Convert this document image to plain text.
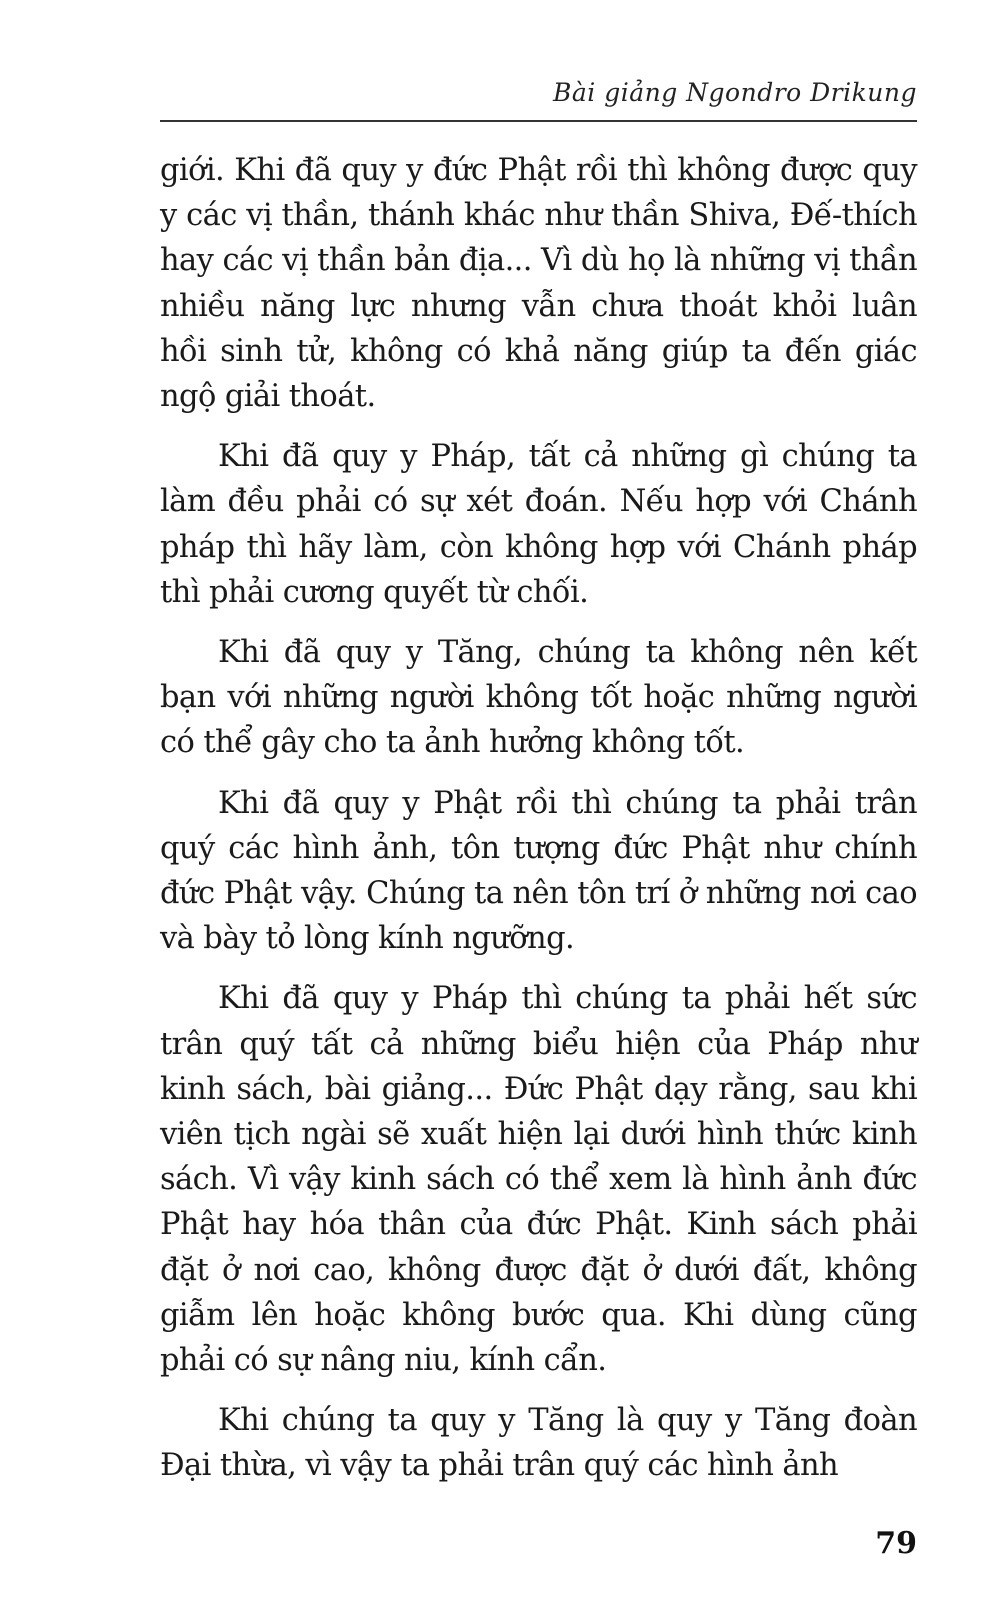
Bài giảng Ngondro Drikung

giới. Khi đã quy y đức Phật rồi thì không được quy y các vị thần, thánh khác như thần Shiva, Đế-thích hay các vị thần bản địa... Vì dù họ là những vị thần nhiều năng lực nhưng vẫn chưa thoát khỏi luân hồi sinh tử, không có khả năng giúp ta đến giác ngộ giải thoát.

Khi đã quy y Pháp, tất cả những gì chúng ta làm đều phải có sự xét đoán. Nếu hợp với Chánh pháp thì hãy làm, còn không hợp với Chánh pháp thì phải cương quyết từ chối.

Khi đã quy y Tăng, chúng ta không nên kết bạn với những người không tốt hoặc những người có thể gây cho ta ảnh hưởng không tốt.

Khi đã quy y Phật rồi thì chúng ta phải trân quý các hình ảnh, tôn tượng đức Phật như chính đức Phật vậy. Chúng ta nên tôn trí ở những nơi cao và bày tỏ lòng kính ngưỡng.

Khi đã quy y Pháp thì chúng ta phải hết sức trân quý tất cả những biểu hiện của Pháp như kinh sách, bài giảng... Đức Phật dạy rằng, sau khi viên tịch ngài sẽ xuất hiện lại dưới hình thức kinh sách. Vì vậy kinh sách có thể xem là hình ảnh đức Phật hay hóa thân của đức Phật. Kinh sách phải đặt ở nơi cao, không được đặt ở dưới đất, không giẫm lên hoặc không bước qua. Khi dùng cũng phải có sự nâng niu, kính cẩn.

Khi chúng ta quy y Tăng là quy y Tăng đoàn Đại thừa, vì vậy ta phải trân quý các hình ảnh

79
